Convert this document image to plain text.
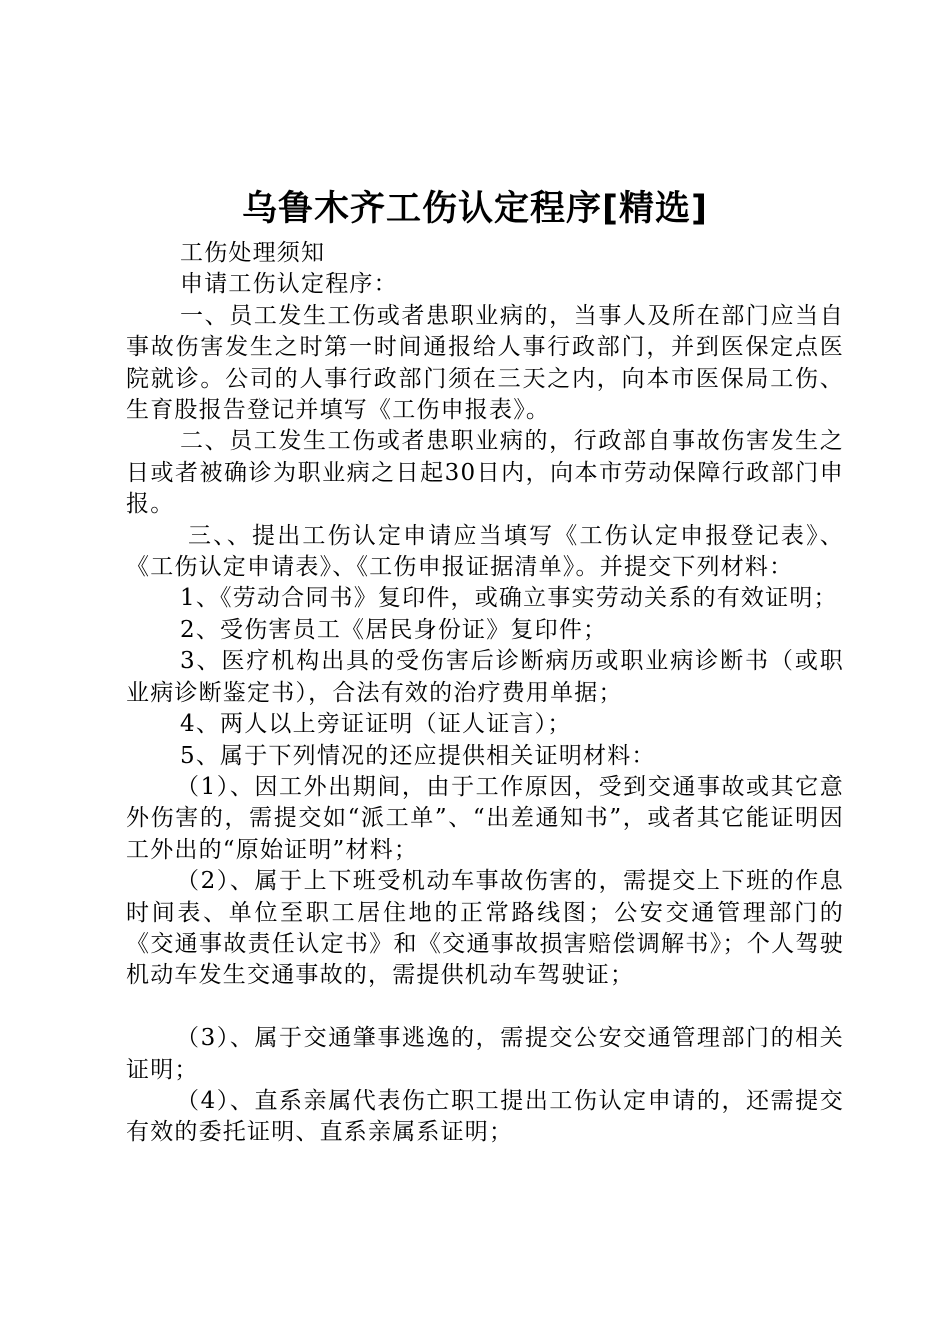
乌鲁木齐工伤认定程序[精选]

工伤处理须知

申请工伤认定程序：

一、员工发生工伤或者患职业病的，当事人及所在部门应当自事故伤害发生之时第一时间通报给人事行政部门，并到医保定点医院就诊。公司的人事行政部门须在三天之内，向本市医保局工伤、生育股报告登记并填写《工伤申报表》。

二、员工发生工伤或者患职业病的，行政部自事故伤害发生之日或者被确诊为职业病之日起30日内，向本市劳动保障行政部门申报。

三、、提出工伤认定申请应当填写《工伤认定申报登记表》、《工伤认定申请表》、《工伤申报证据清单》。并提交下列材料：

1、《劳动合同书》复印件，或确立事实劳动关系的有效证明；

2、受伤害员工《居民身份证》复印件；

3、医疗机构出具的受伤害后诊断病历或职业病诊断书（或职业病诊断鉴定书），合法有效的治疗费用单据；

4、两人以上旁证证明（证人证言）；

5、属于下列情况的还应提供相关证明材料：

（1）、因工外出期间，由于工作原因，受到交通事故或其它意外伤害的，需提交如“派工单”、“出差通知书”，或者其它能证明因工外出的“原始证明”材料；

（2）、属于上下班受机动车事故伤害的，需提交上下班的作息时间表、单位至职工居住地的正常路线图；公安交通管理部门的《交通事故责任认定书》和《交通事故损害赔偿调解书》；个人驾驶机动车发生交通事故的，需提供机动车驾驶证；

（3）、属于交通肇事逃逸的，需提交公安交通管理部门的相关证明；

（4）、直系亲属代表伤亡职工提出工伤认定申请的，还需提交有效的委托证明、直系亲属系证明；
